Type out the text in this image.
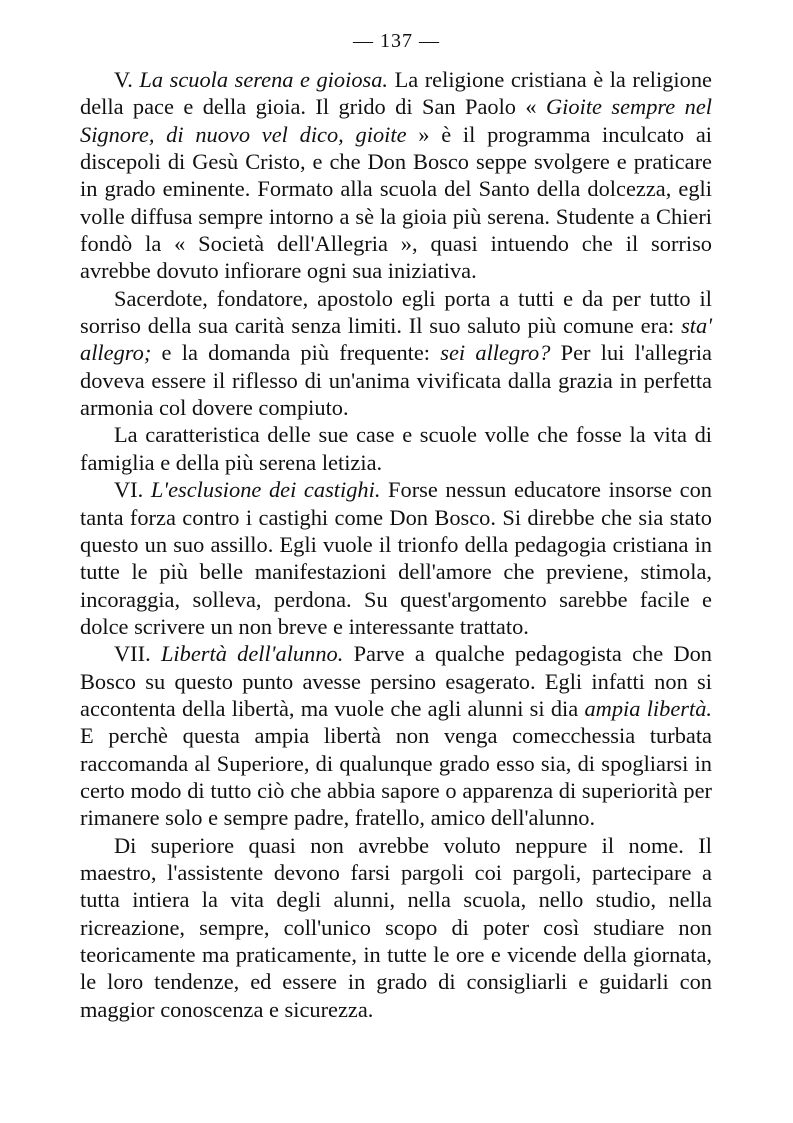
— 137 —

V. La scuola serena e gioiosa. La religione cristiana è la religione della pace e della gioia. Il grido di San Paolo « Gioite sempre nel Signore, di nuovo vel dico, gioite » è il programma inculcato ai discepoli di Gesù Cristo, e che Don Bosco seppe svolgere e praticare in grado eminente. Formato alla scuola del Santo della dolcezza, egli volle diffusa sempre intorno a sè la gioia più serena. Studente a Chieri fondò la « Società dell'Allegria », quasi intuendo che il sorriso avrebbe dovuto infiorare ogni sua iniziativa.

Sacerdote, fondatore, apostolo egli porta a tutti e da per tutto il sorriso della sua carità senza limiti. Il suo saluto più comune era: sta' allegro; e la domanda più frequente: sei allegro? Per lui l'allegria doveva essere il riflesso di un'anima vivificata dalla grazia in perfetta armonia col dovere compiuto.

La caratteristica delle sue case e scuole volle che fosse la vita di famiglia e della più serena letizia.

VI. L'esclusione dei castighi. Forse nessun educatore insorse con tanta forza contro i castighi come Don Bosco. Si direbbe che sia stato questo un suo assillo. Egli vuole il trionfo della pedagogia cristiana in tutte le più belle manifestazioni dell'amore che previene, stimola, incoraggia, solleva, perdona. Su quest'argomento sarebbe facile e dolce scrivere un non breve e interessante trattato.

VII. Libertà dell'alunno. Parve a qualche pedagogista che Don Bosco su questo punto avesse persino esagerato. Egli infatti non si accontenta della libertà, ma vuole che agli alunni si dia ampia libertà. E perchè questa ampia libertà non venga comecchessia turbata raccomanda al Superiore, di qualunque grado esso sia, di spogliarsi in certo modo di tutto ciò che abbia sapore o apparenza di superiorità per rimanere solo e sempre padre, fratello, amico dell'alunno.

Di superiore quasi non avrebbe voluto neppure il nome. Il maestro, l'assistente devono farsi pargoli coi pargoli, partecipare a tutta intiera la vita degli alunni, nella scuola, nello studio, nella ricreazione, sempre, coll'unico scopo di poter così studiare non teoricamente ma praticamente, in tutte le ore e vicende della giornata, le loro tendenze, ed essere in grado di consigliarli e guidarli con maggior conoscenza e sicurezza.
